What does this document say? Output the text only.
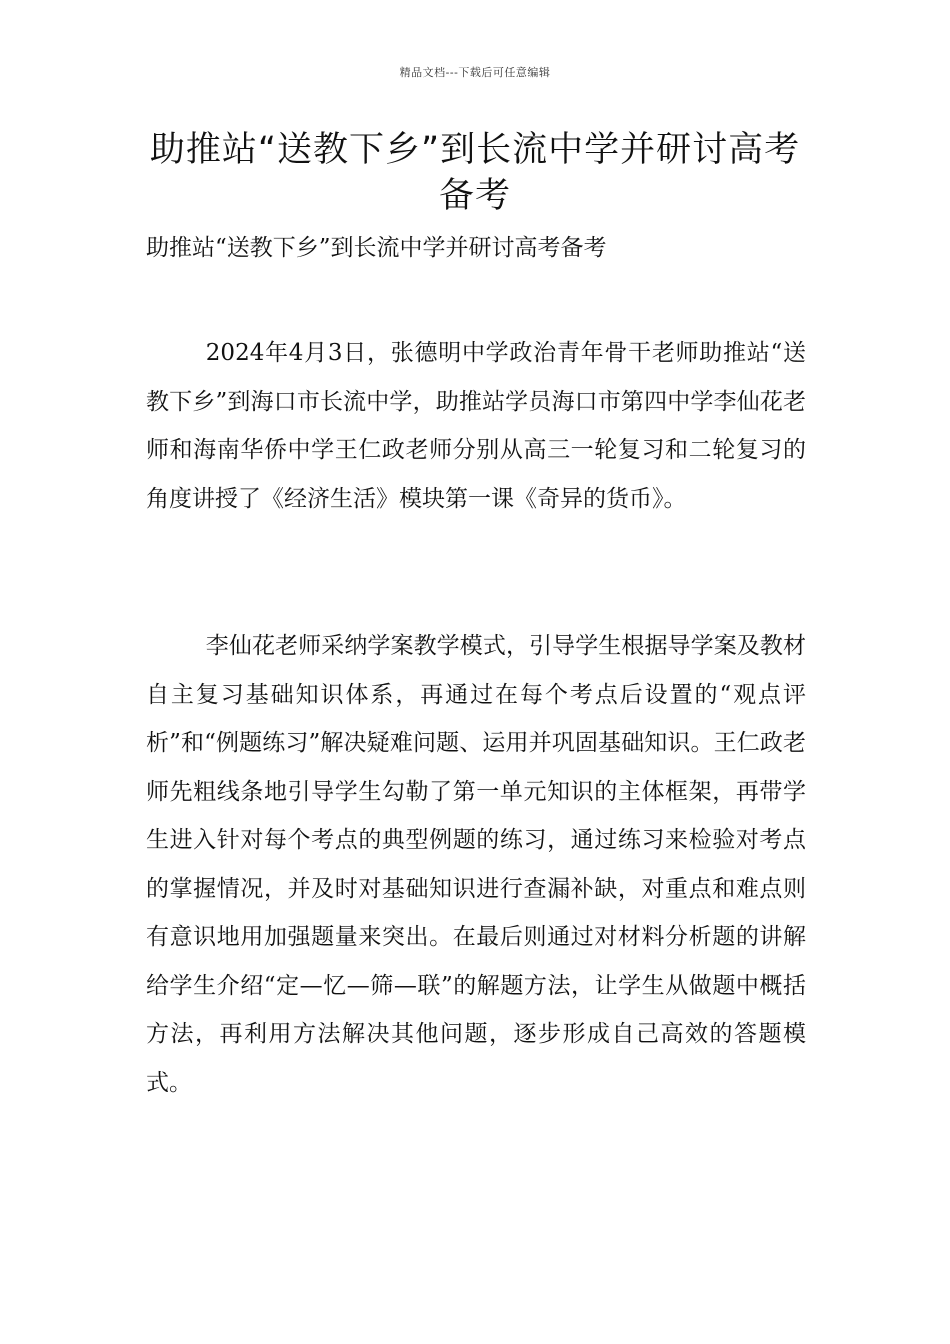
精品文档---下载后可任意编辑
助推站“送教下乡”到长流中学并研讨高考备考
助推站“送教下乡”到长流中学并研讨高考备考

2024年4月3日，张德明中学政治青年骨干老师助推站“送教下乡”到海口市长流中学，助推站学员海口市第四中学李仙花老师和海南华侨中学王仁政老师分别从高三一轮复习和二轮复习的角度讲授了《经济生活》模块第一课《奇异的货币》。

李仙花老师采纳学案教学模式，引导学生根据导学案及教材自主复习基础知识体系，再通过在每个考点后设置的“观点评析”和“例题练习”解决疑难问题、运用并巩固基础知识。王仁政老师先粗线条地引导学生勾勒了第一单元知识的主体框架，再带学生进入针对每个考点的典型例题的练习，通过练习来检验对考点的掌握情况，并及时对基础知识进行查漏补缺，对重点和难点则有意识地用加强题量来突出。在最后则通过对材料分析题的讲解给学生介绍“定—忆—筛—联”的解题方法，让学生从做题中概括方法，再利用方法解决其他问题，逐步形成自己高效的答题模式。
